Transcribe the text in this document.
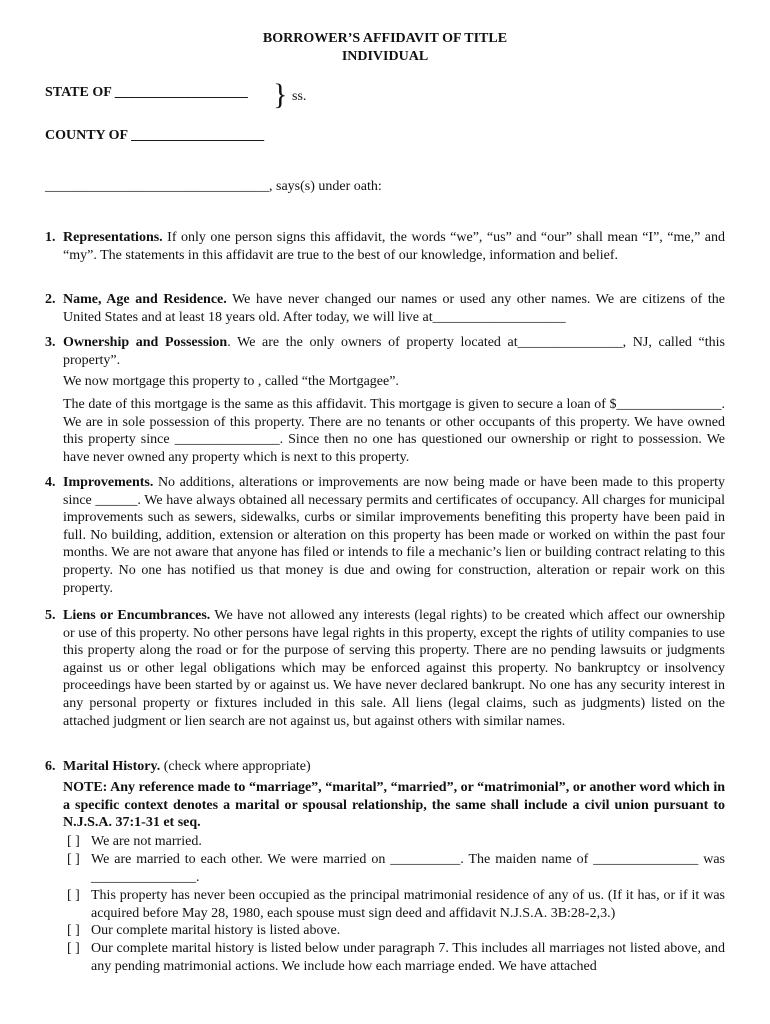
BORROWER’S AFFIDAVIT OF TITLE
INDIVIDUAL
STATE OF ___________________ } ss.
COUNTY OF ___________________
________________________________, says(s) under oath:
1. Representations. If only one person signs this affidavit, the words “we”, “us” and “our” shall mean “I”, “me,” and “my”. The statements in this affidavit are true to the best of our knowledge, information and belief.
2. Name, Age and Residence. We have never changed our names or used any other names. We are citizens of the United States and at least 18 years old. After today, we will live at___________________
3. Ownership and Possession. We are the only owners of property located at_______________, NJ, called “this property”.
We now mortgage this property to , called “the Mortgagee”.
The date of this mortgage is the same as this affidavit. This mortgage is given to secure a loan of $_______________. We are in sole possession of this property. There are no tenants or other occupants of this property. We have owned this property since _______________. Since then no one has questioned our ownership or right to possession. We have never owned any property which is next to this property.
4. Improvements. No additions, alterations or improvements are now being made or have been made to this property since ______. We have always obtained all necessary permits and certificates of occupancy. All charges for municipal improvements such as sewers, sidewalks, curbs or similar improvements benefiting this property have been paid in full. No building, addition, extension or alteration on this property has been made or worked on within the past four months. We are not aware that anyone has filed or intends to file a mechanic’s lien or building contract relating to this property. No one has notified us that money is due and owing for construction, alteration or repair work on this property.
5. Liens or Encumbrances. We have not allowed any interests (legal rights) to be created which affect our ownership or use of this property. No other persons have legal rights in this property, except the rights of utility companies to use this property along the road or for the purpose of serving this property. There are no pending lawsuits or judgments against us or other legal obligations which may be enforced against this property. No bankruptcy or insolvency proceedings have been started by or against us. We have never declared bankrupt. No one has any security interest in any personal property or fixtures included in this sale. All liens (legal claims, such as judgments) listed on the attached judgment or lien search are not against us, but against others with similar names.
6. Marital History. (check where appropriate)
NOTE: Any reference made to “marriage”, “marital”, “married”, or “matrimonial”, or another word which in a specific context denotes a marital or spousal relationship, the same shall include a civil union pursuant to N.J.S.A. 37:1-31 et seq.
[ ] We are not married.
[ ] We are married to each other. We were married on __________. The maiden name of _______________ was _______________.
[ ] This property has never been occupied as the principal matrimonial residence of any of us. (If it has, or if it was acquired before May 28, 1980, each spouse must sign deed and affidavit N.J.S.A. 3B:28-2,3.)
[ ] Our complete marital history is listed above.
[ ] Our complete marital history is listed below under paragraph 7. This includes all marriages not listed above, and any pending matrimonial actions. We include how each marriage ended. We have attached
